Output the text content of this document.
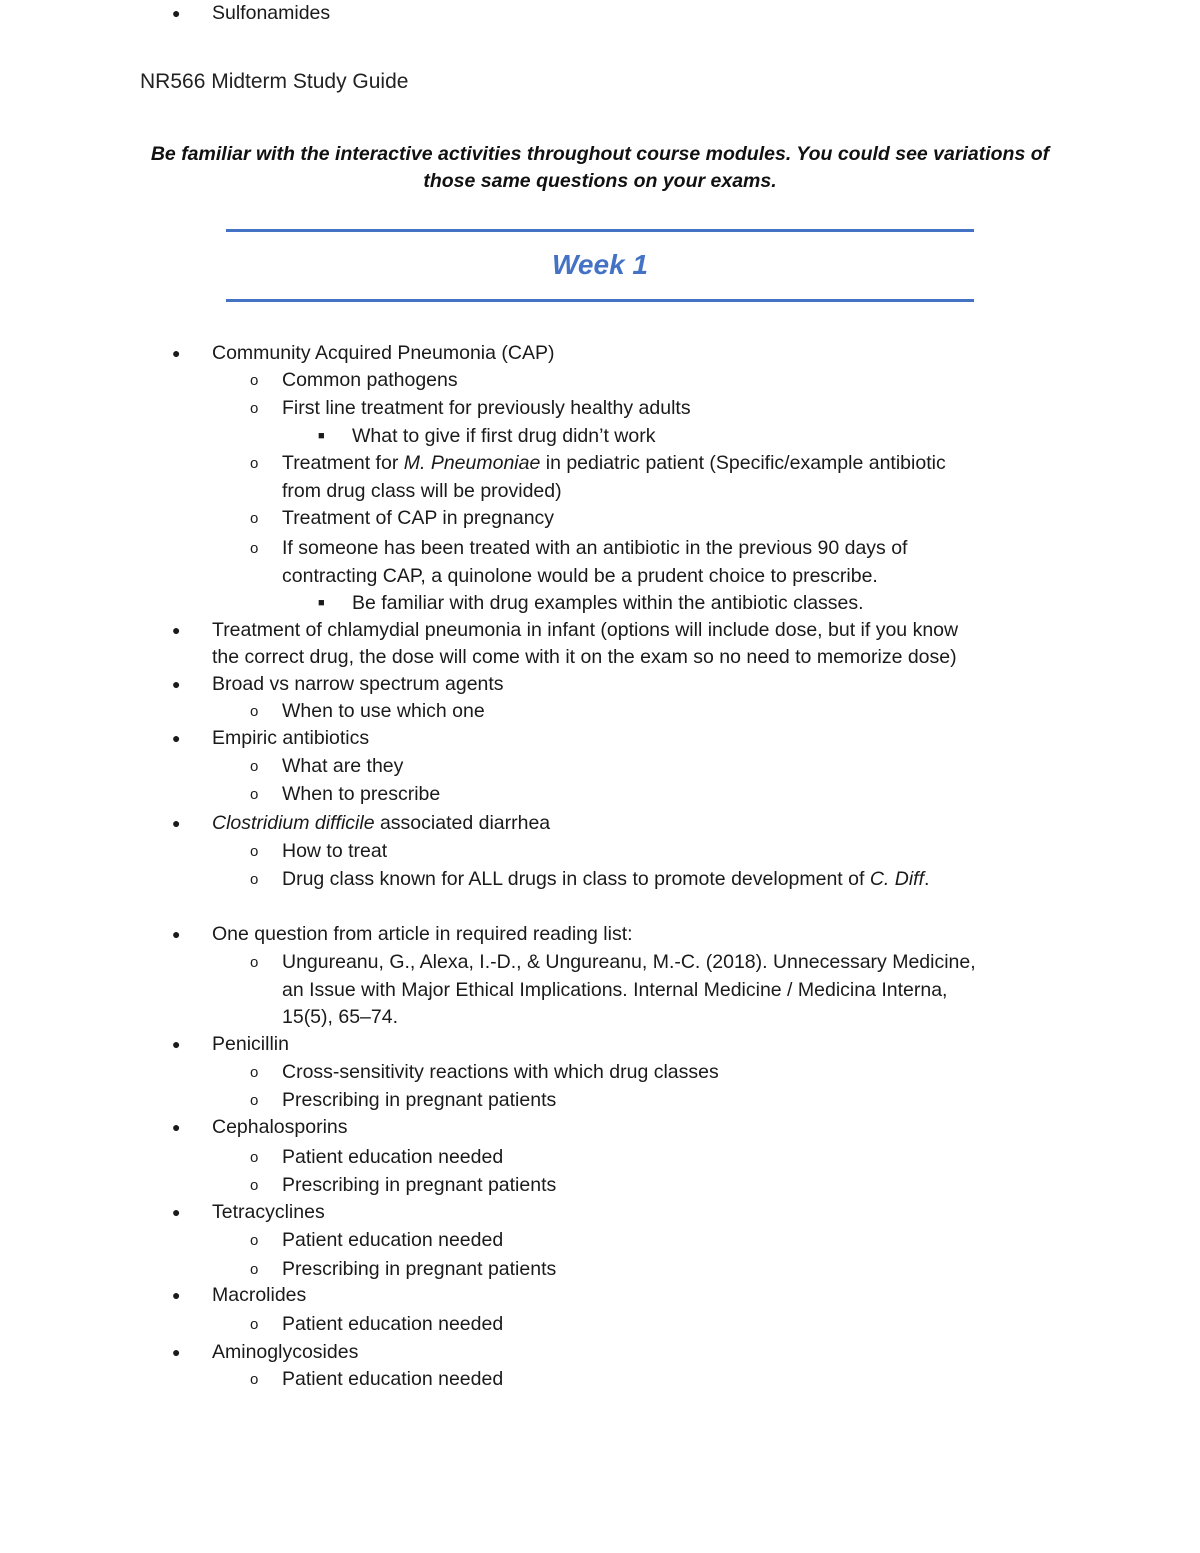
NR566 Midterm Study Guide
Be familiar with the interactive activities throughout course modules. You could see variations of those same questions on your exams.
Week 1
● Community Acquired Pneumonia (CAP)
o Common pathogens
o First line treatment for previously healthy adults
■ What to give if first drug didn’t work
o Treatment for M. Pneumoniae in pediatric patient (Specific/example antibiotic
from drug class will be provided)
o Treatment of CAP in pregnancy
o If someone has been treated with an antibiotic in the previous 90 days of
contracting CAP, a quinolone would be a prudent choice to prescribe.
■ Be familiar with drug examples within the antibiotic classes.
● Treatment of chlamydial pneumonia in infant (options will include dose, but if you know
the correct drug, the dose will come with it on the exam so no need to memorize dose)
● Broad vs narrow spectrum agents
o When to use which one
● Empiric antibiotics
o What are they
o When to prescribe
● Clostridium difficile associated diarrhea
o How to treat
o Drug class known for ALL drugs in class to promote development of C. Diff.
● One question from article in required reading list:
o Ungureanu, G., Alexa, I.-D., & Ungureanu, M.-C. (2018). Unnecessary Medicine,
an Issue with Major Ethical Implications. Internal Medicine / Medicina Interna,
15(5), 65–74.
● Penicillin
o Cross-sensitivity reactions with which drug classes
o Prescribing in pregnant patients
● Cephalosporins
o Patient education needed
o Prescribing in pregnant patients
● Tetracyclines
o Patient education needed
o Prescribing in pregnant patients
● Macrolides
o Patient education needed
● Aminoglycosides
o Patient education needed
● Sulfonamides
